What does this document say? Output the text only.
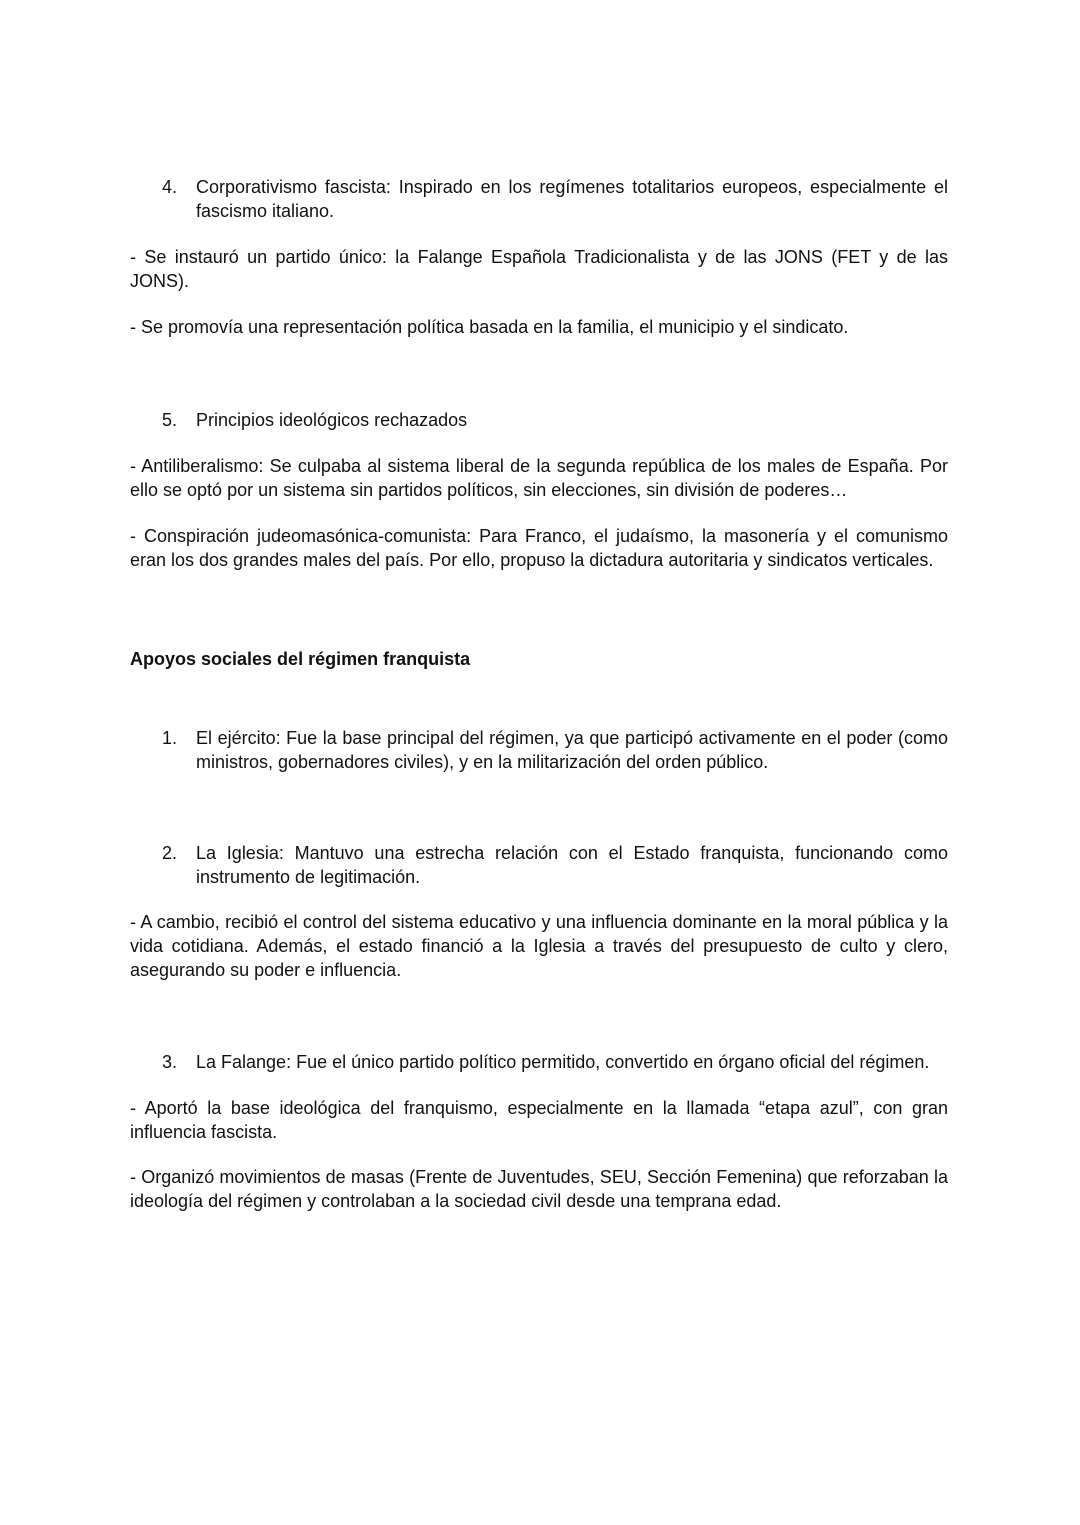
4.	Corporativismo fascista: Inspirado en los regímenes totalitarios europeos, especialmente el fascismo italiano.

- Se instauró un partido único: la Falange Española Tradicionalista y de las JONS (FET y de las JONS).

- Se promovía una representación política basada en la familia, el municipio y el sindicato.

5.	Principios ideológicos rechazados

- Antiliberalismo: Se culpaba al sistema liberal de la segunda república de los males de España. Por ello se optó por un sistema sin partidos políticos, sin elecciones, sin división de poderes…

- Conspiración judeomasónica-comunista: Para Franco, el judaísmo, la masonería y el comunismo eran los dos grandes males del país. Por ello, propuso la dictadura autoritaria y sindicatos verticales.

Apoyos sociales del régimen franquista
1.	El ejército: Fue la base principal del régimen, ya que participó activamente en el poder (como ministros, gobernadores civiles), y en la militarización del orden público.
2.	La Iglesia: Mantuvo una estrecha relación con el Estado franquista, funcionando como instrumento de legitimación.

- A cambio, recibió el control del sistema educativo y una influencia dominante en la moral pública y la vida cotidiana. Además, el estado financió a la Iglesia a través del presupuesto de culto y clero, asegurando su poder e influencia.

3.	La Falange: Fue el único partido político permitido, convertido en órgano oficial del régimen.

- Aportó la base ideológica del franquismo, especialmente en la llamada “etapa azul”, con gran influencia fascista.

- Organizó movimientos de masas (Frente de Juventudes, SEU, Sección Femenina) que reforzaban la ideología del régimen y controlaban a la sociedad civil desde una temprana edad.
